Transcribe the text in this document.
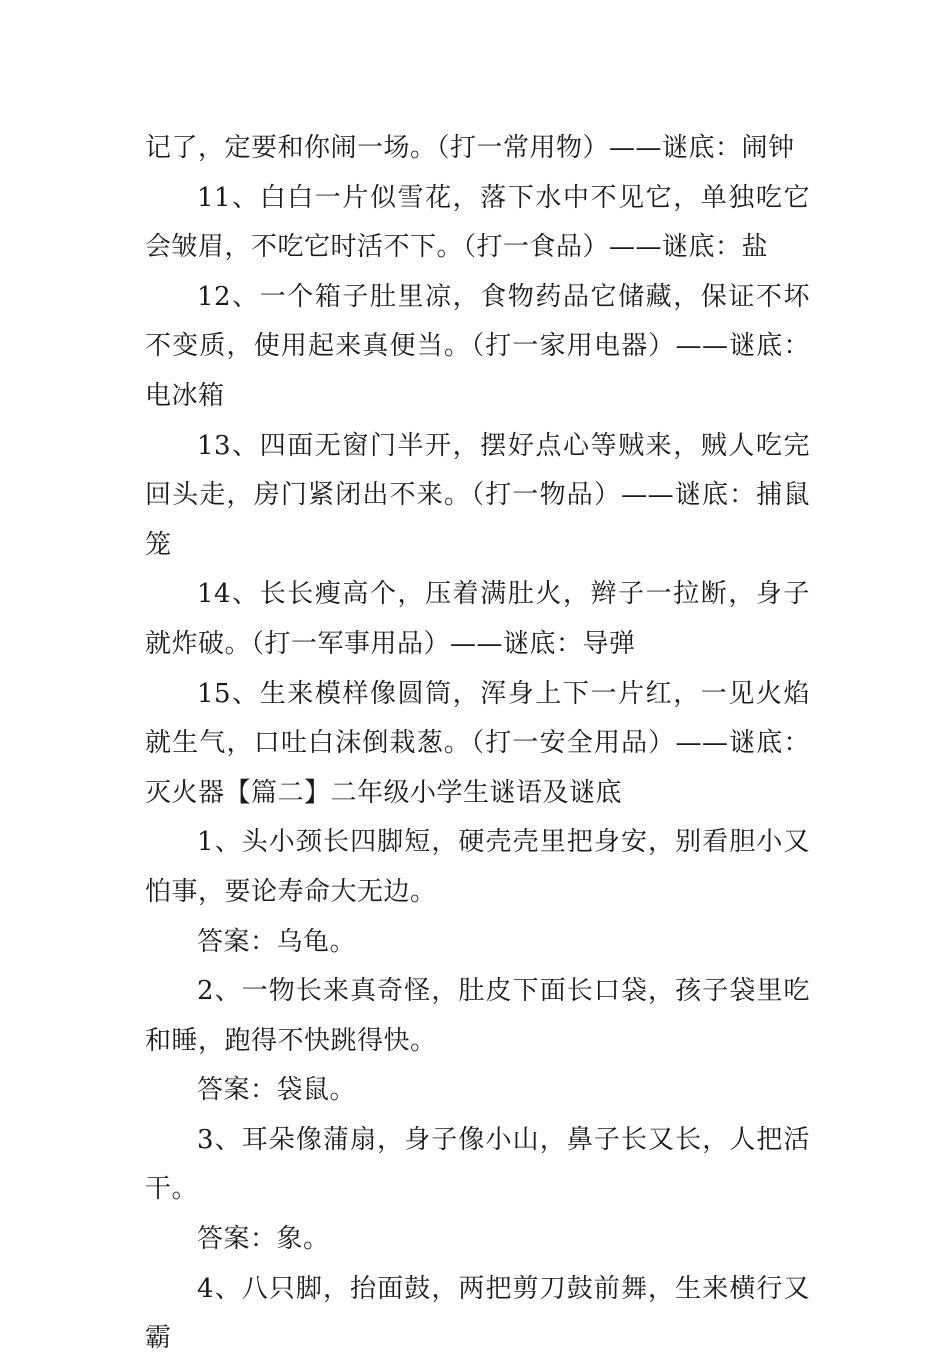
记了，定要和你闹一场。（打一常用物）——谜底：闹钟

11、白白一片似雪花，落下水中不见它，单独吃它会皱眉，不吃它时活不下。（打一食品）——谜底：盐

12、一个箱子肚里凉，食物药品它储藏，保证不坏不变质，使用起来真便当。（打一家用电器）——谜底：电冰箱

13、四面无窗门半开，摆好点心等贼来，贼人吃完回头走，房门紧闭出不来。（打一物品）——谜底：捕鼠笼

14、长长瘦高个，压着满肚火，辫子一拉断，身子就炸破。（打一军事用品）——谜底：导弹

15、生来模样像圆筒，浑身上下一片红，一见火焰就生气，口吐白沫倒栽葱。（打一安全用品）——谜底：灭火器【篇二】二年级小学生谜语及谜底

1、头小颈长四脚短，硬壳壳里把身安，别看胆小又怕事，要论寿命大无边。

答案：乌龟。

2、一物长来真奇怪，肚皮下面长口袋，孩子袋里吃和睡，跑得不快跳得快。

答案：袋鼠。

3、耳朵像蒲扇，身子像小山，鼻子长又长，人把活干。

答案：象。

4、八只脚，抬面鼓，两把剪刀鼓前舞，生来横行又霸
